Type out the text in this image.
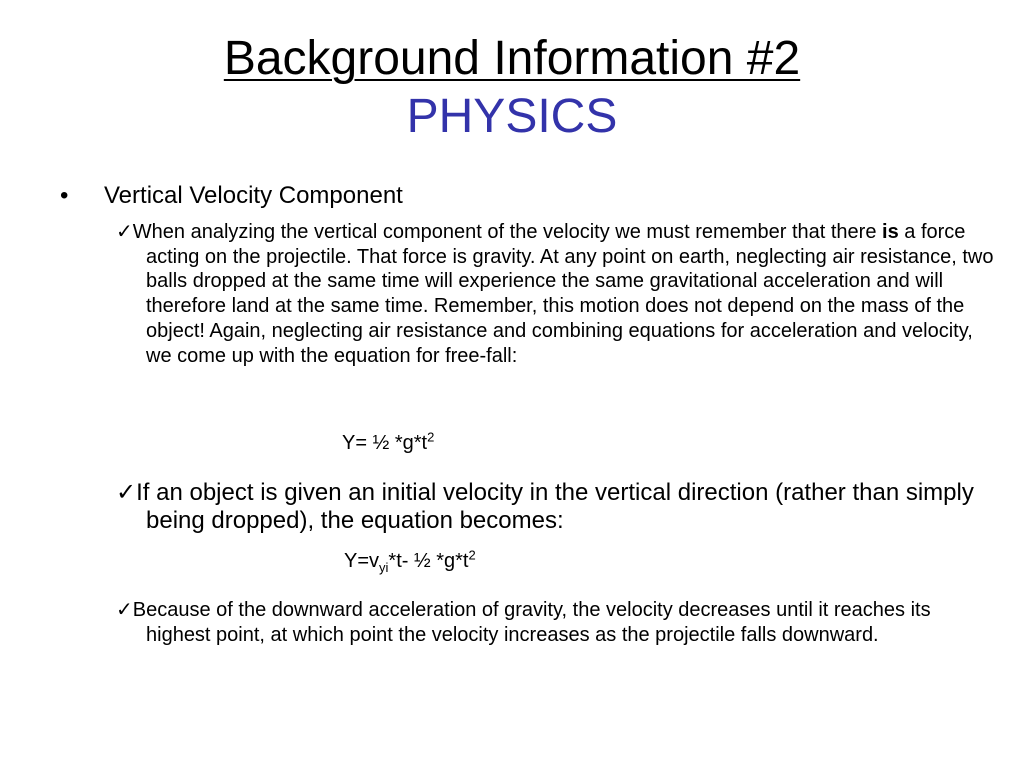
Background Information #2
PHYSICS
• Vertical Velocity Component
✓When analyzing the vertical component of the velocity we must remember that there is a force acting on the projectile. That force is gravity. At any point on earth, neglecting air resistance, two balls dropped at the same time will experience the same gravitational acceleration and will therefore land at the same time. Remember, this motion does not depend on the mass of the object! Again, neglecting air resistance and combining equations for acceleration and velocity, we come up with the equation for free-fall:
Y= ½ $*g*t^2$
✓If an object is given an initial velocity in the vertical direction (rather than simply being dropped), the equation becomes:
$Y=v_{yi}*t-$ ½ $*g*t^2$
✓Because of the downward acceleration of gravity, the velocity decreases until it reaches its highest point, at which point the velocity increases as the projectile falls downward.
